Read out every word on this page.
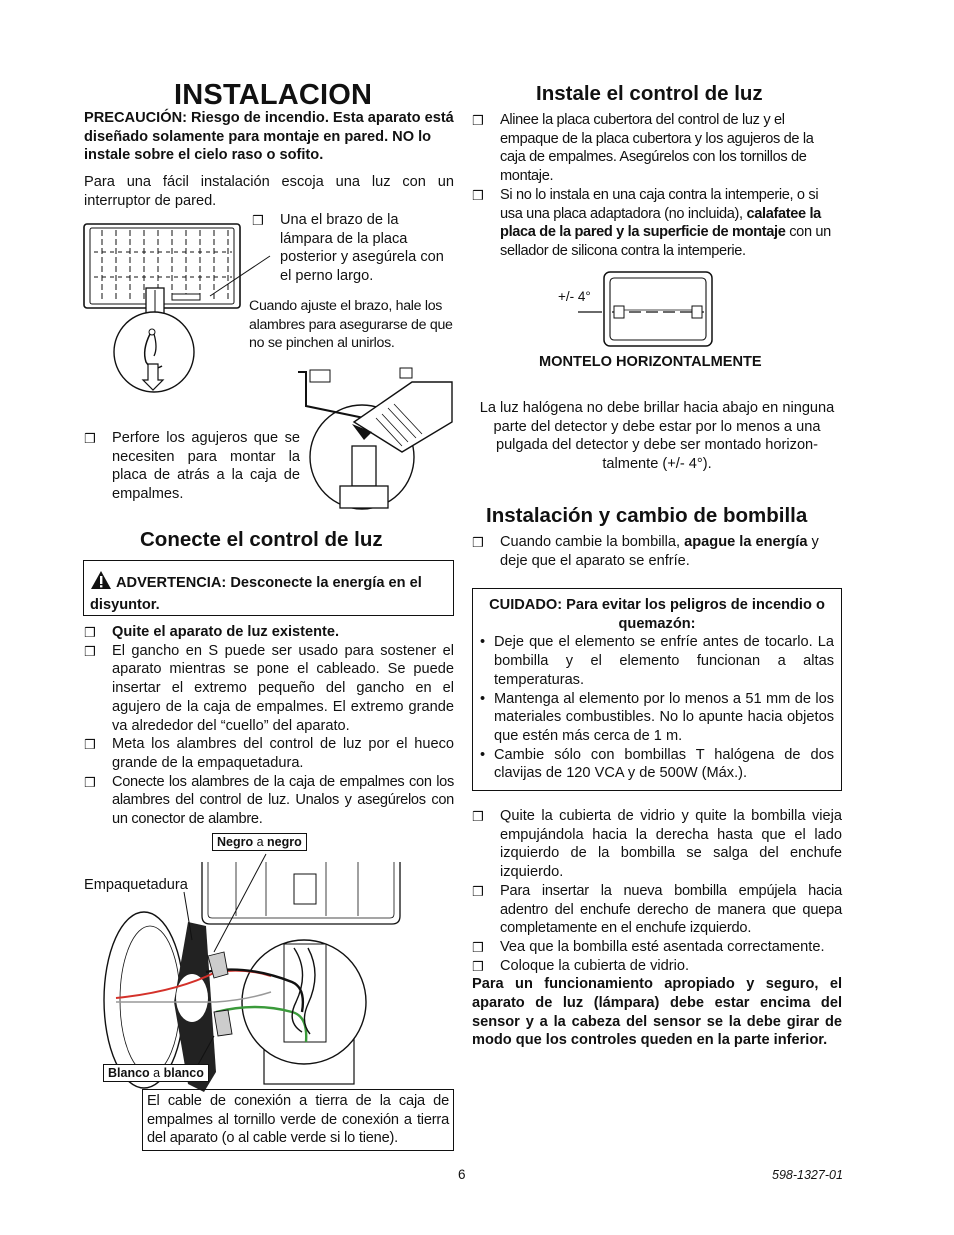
INSTALACION
PRECAUCIÓN: Riesgo de incendio. Esta aparato está diseñado solamente para montaje en pared. NO lo instale sobre el cielo raso o sofito.
Para una fácil instalación escoja una luz con un interruptor de pared.
❒ Una el brazo de la lámpara de la placa posterior y asegúrela con el perno largo.
Cuando ajuste el brazo, hale los alambres para asegurarse de que no se pinchen al unirlos.
❒ Perfore los agujeros que se necesiten para montar la placa de atrás a la caja de empalmes.
Conecte el control de luz
ADVERTENCIA: Desconecte la energía en el disyuntor.
❒ Quite el aparato de luz existente.
❒ El gancho en S puede ser usado para sostener el aparato mientras se pone el cableado. Se puede insertar el extremo pequeño del gancho en el agujero de la caja de empalmes. El extremo grande va alrededor del “cuello” del aparato.
❒ Meta los alambres del control de luz por el hueco grande de la empaquetadura.
❒ Conecte los alambres de la caja de empalmes con los alambres del control de luz. Unalos y asegúrelos con un conector de alambre.
Negro a negro
Empaquetadura
Blanco a blanco
El cable de conexión a tierra de la caja de empalmes al tornillo verde de conexión a tierra del aparato (o al cable verde si lo tiene).
Instale el control de luz
❒ Alinee la placa cubertora del control de luz y el empaque de la placa cubertora y los agujeros de la caja de empalmes. Asegúrelos con los tornillos de montaje.
❒ Si no lo instala en una caja contra la intemperie, o si usa una placa adaptadora (no incluida), calafatee la placa de la pared y la superficie de montaje con un sellador de silicona contra la intemperie.
+/- 4°
MONTELO HORIZONTALMENTE
La luz halógena no debe brillar hacia abajo en ninguna parte del detector y debe estar por lo menos a una pulgada del detector y debe ser montado horizon-talmente (+/- 4°).
Instalación y cambio de bombilla
❒ Cuando cambie la bombilla, apague la energía y deje que el aparato se enfríe.
CUIDADO: Para evitar los peligros de incendio o quemazón:
• Deje que el elemento se enfríe antes de tocarlo. La bombilla y el elemento funcionan a altas temperaturas.
• Mantenga al elemento por lo menos a 51 mm de los materiales combustibles. No lo apunte hacia objetos que estén más cerca de 1 m.
• Cambie sólo con bombillas T halógena de dos clavijas de 120 VCA y de 500W (Máx.).
❒ Quite la cubierta de vidrio y quite la bombilla vieja empujándola hacia la derecha hasta que el lado izquierdo de la bombilla se salga del enchufe izquierdo.
❒ Para insertar la nueva bombilla empújela hacia adentro del enchufe derecho de manera que quepa completamente en el enchufe izquierdo.
❒ Vea que la bombilla esté asentada correctamente.
❒ Coloque la cubierta de vidrio.
Para un funcionamiento apropiado y seguro, el aparato de luz (lámpara) debe estar encima del sensor y a la cabeza del sensor se la debe girar de modo que los controles queden en la parte inferior.
6	598-1327-01
